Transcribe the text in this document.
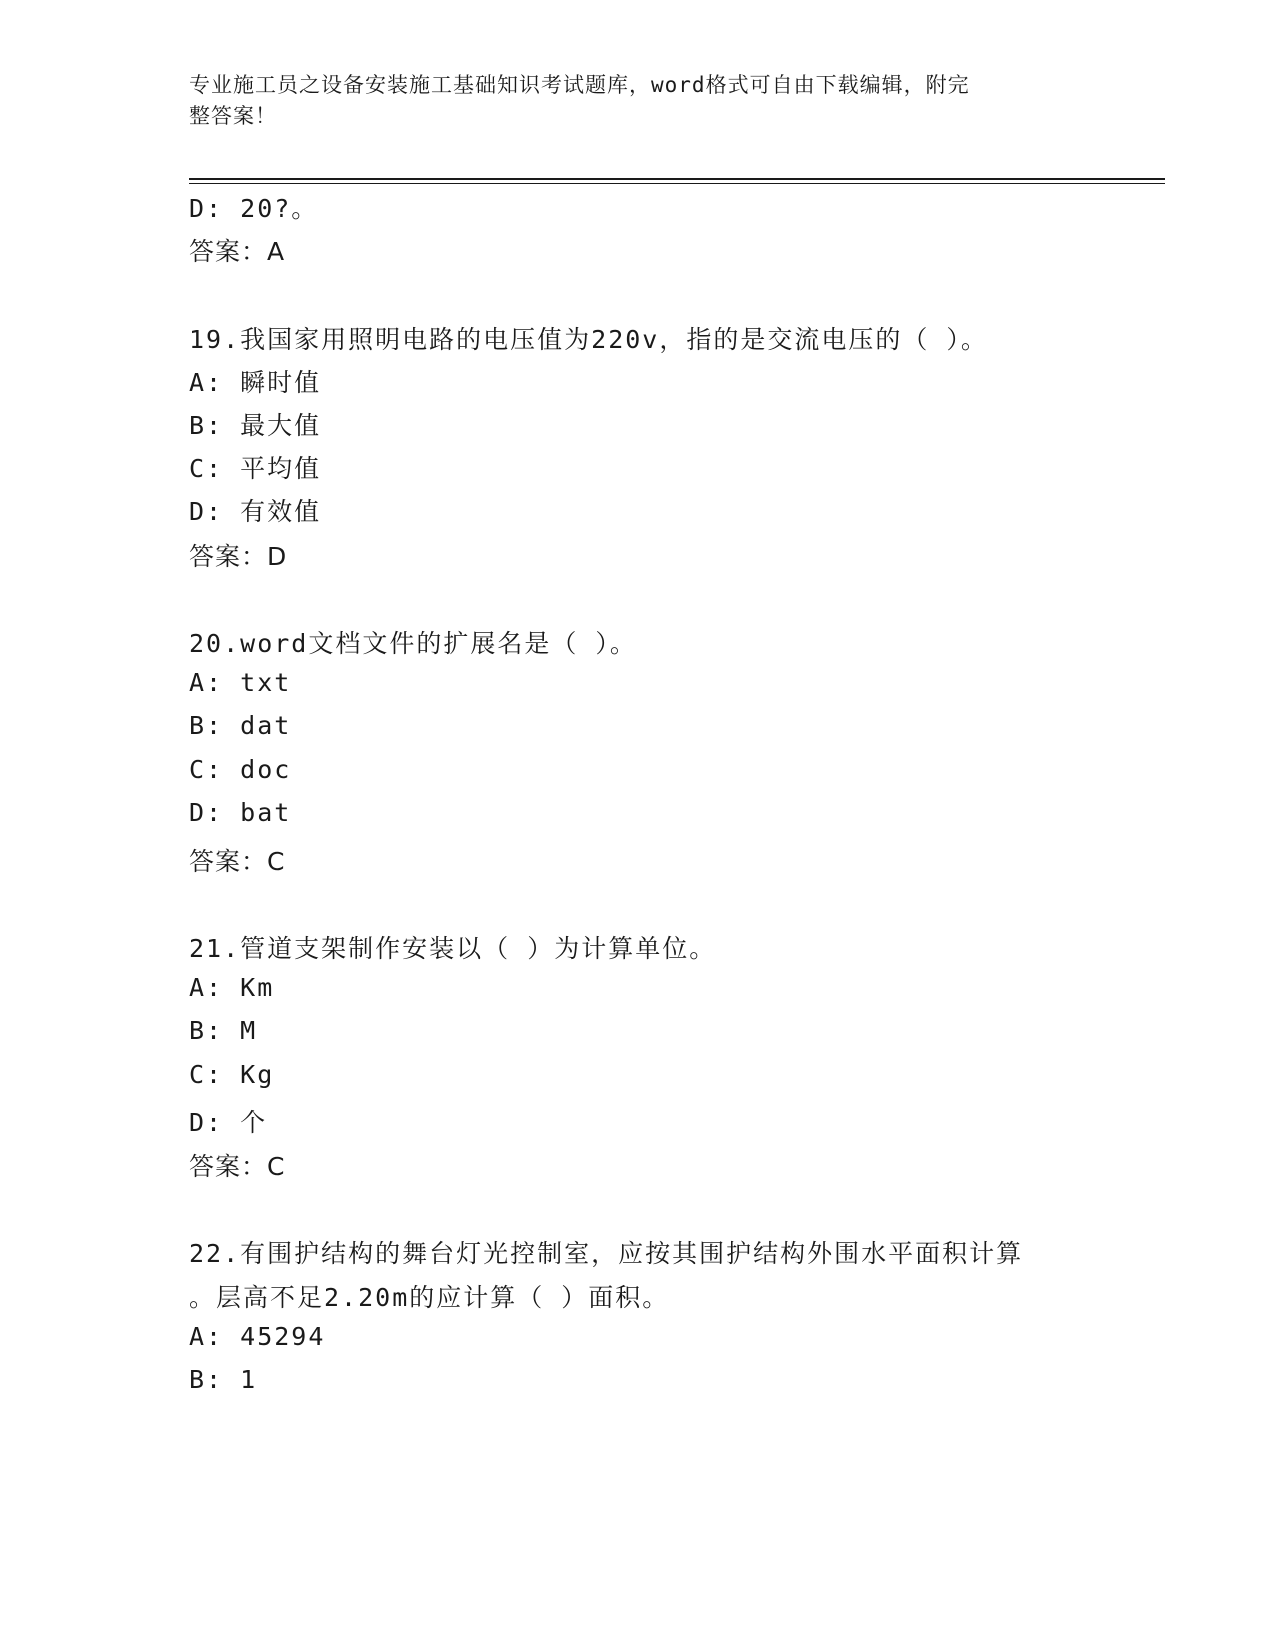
专业施工员之设备安装施工基础知识考试题库，word格式可自由下载编辑，附完
整答案！
D: 20?。
答案：A
19.我国家用照明电路的电压值为220v，指的是交流电压的（ ）。
A: 瞬时值
B: 最大值
C: 平均值
D: 有效值
答案：D
20.word文档文件的扩展名是（ ）。
A: txt
B: dat
C: doc
D: bat
答案：C
21.管道支架制作安装以（ ）为计算单位。
A: Km
B: M
C: Kg
D: 个
答案：C
22.有围护结构的舞台灯光控制室，应按其围护结构外围水平面积计算
。层高不足2.20m的应计算（ ）面积。
A: 45294
B: 1
